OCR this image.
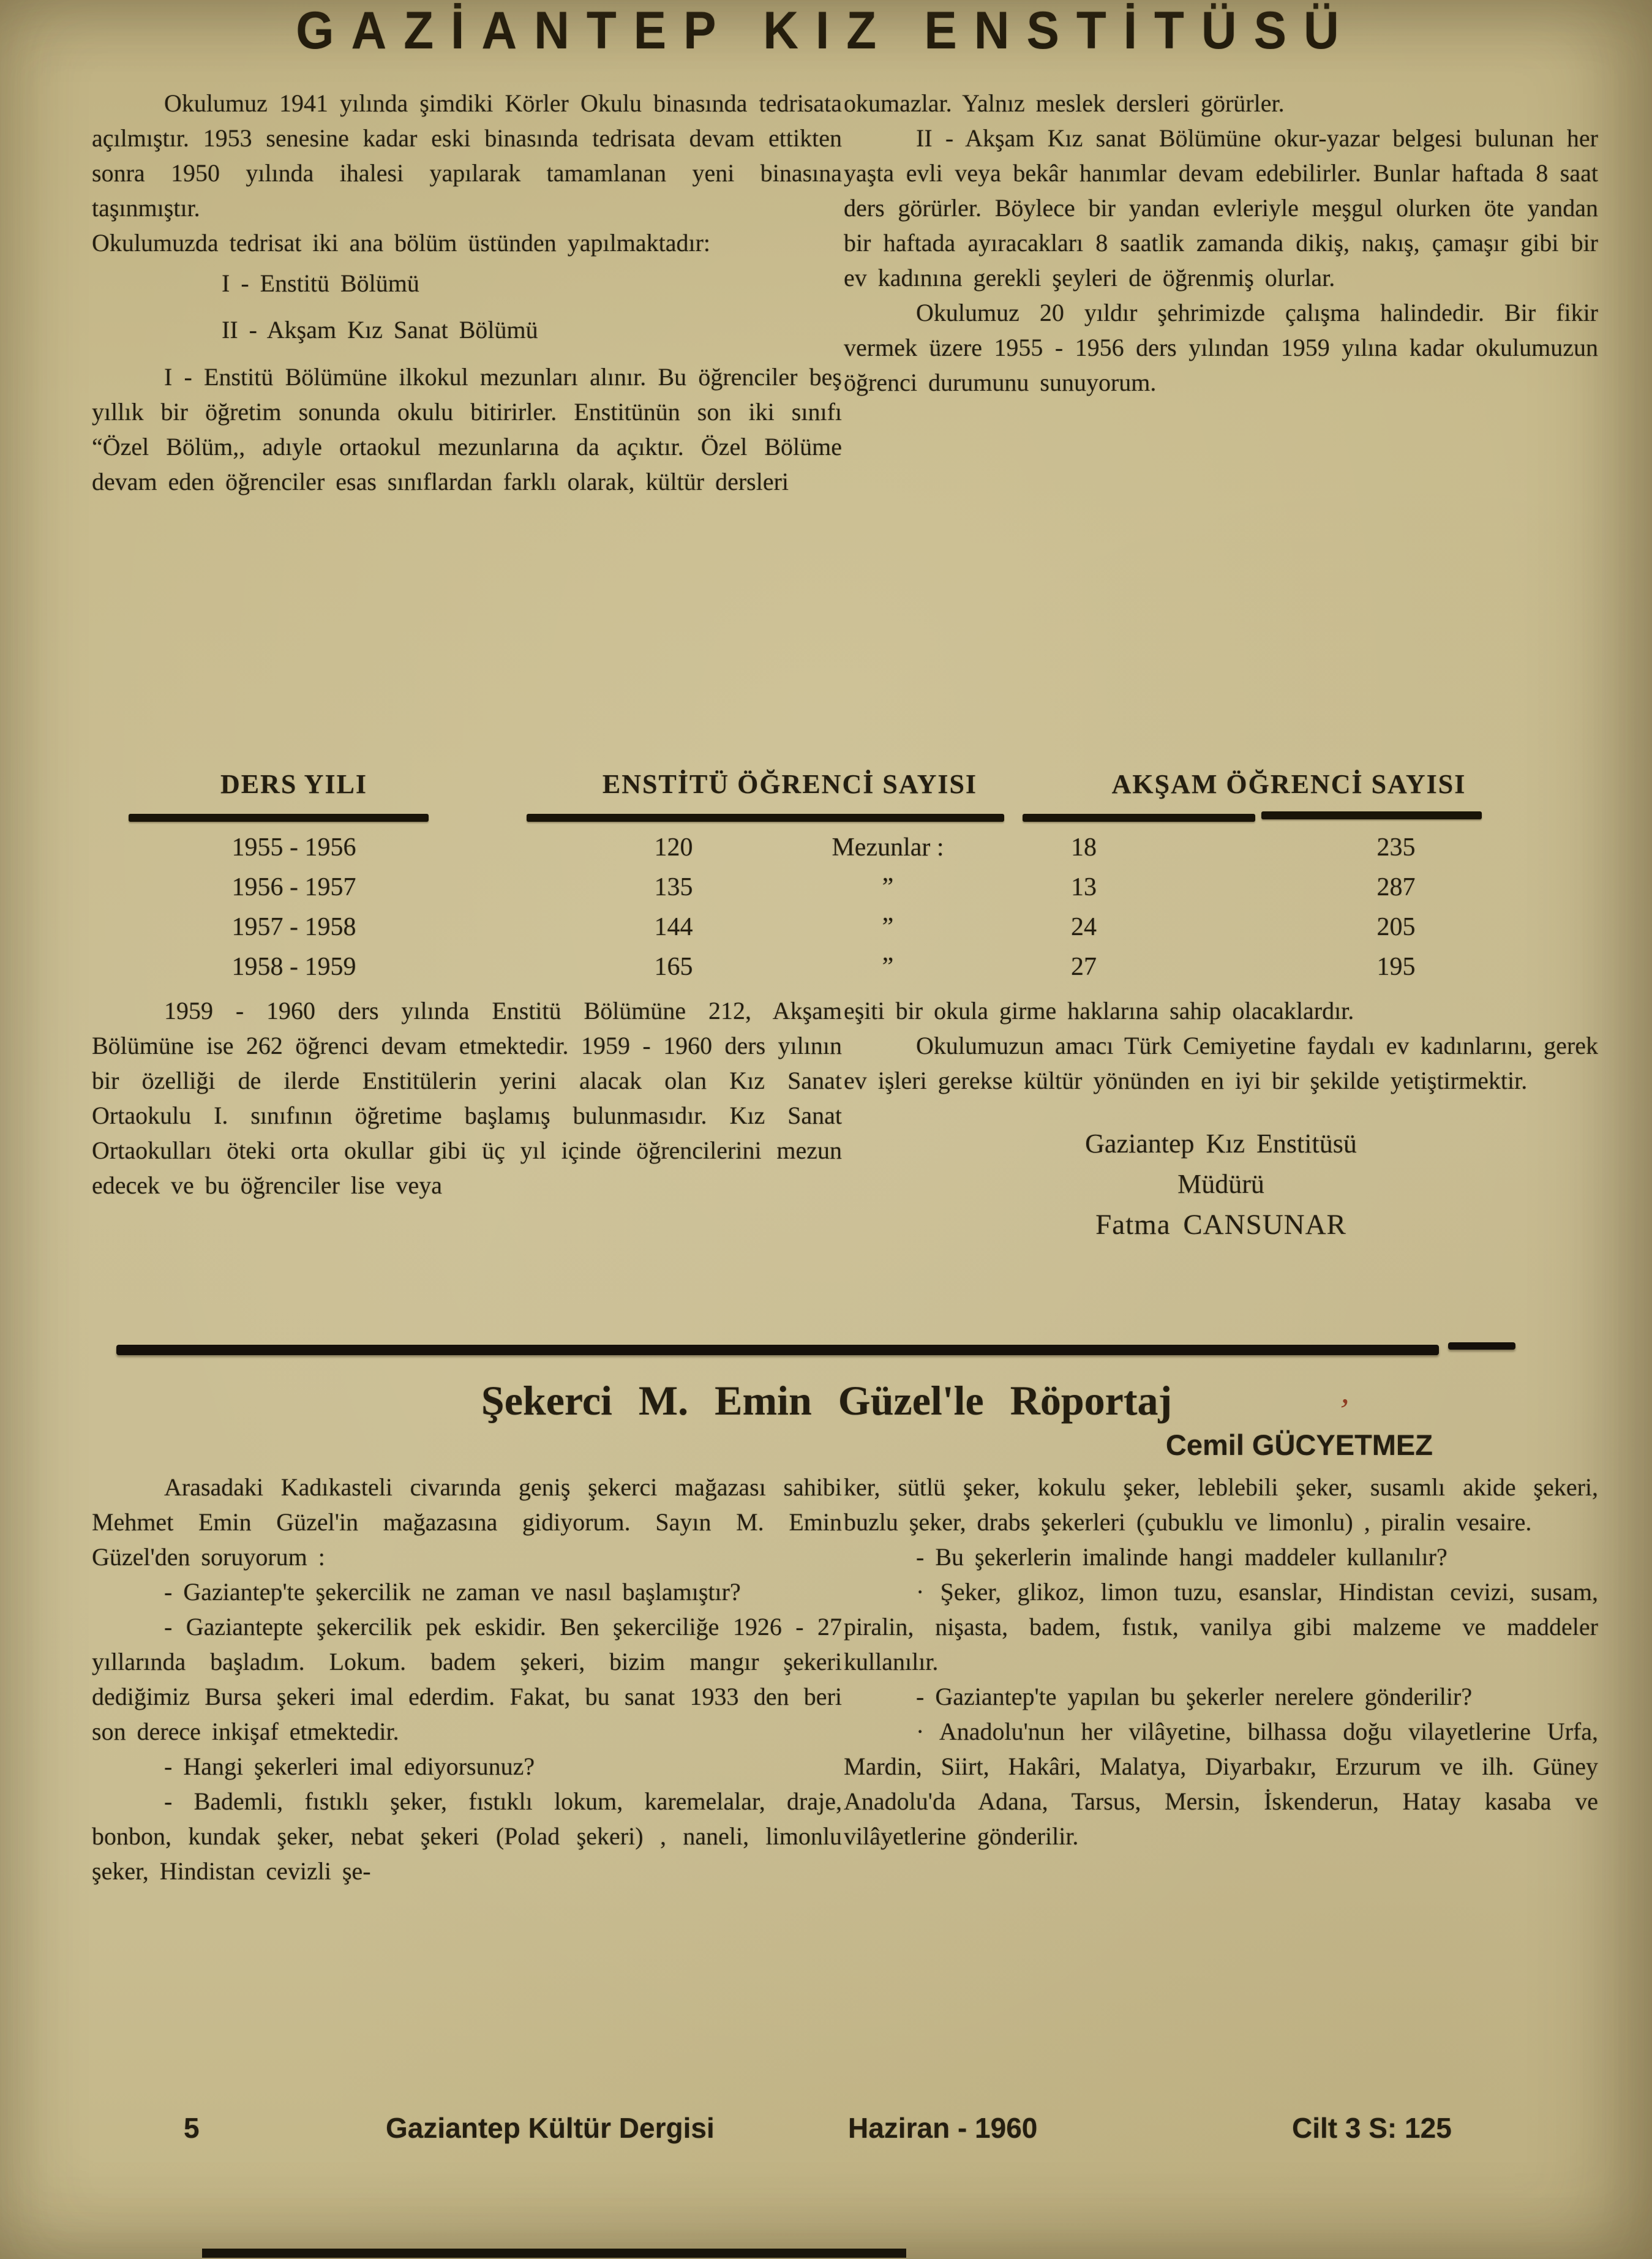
GAZİANTEP KIZ ENSTİTÜSÜ

Okulumuz 1941 yılında şimdiki Körler Okulu binasında tedrisata açılmıştır. 1953 senesine kadar eski binasında tedrisata devam ettikten sonra 1950 yılında ihalesi yapılarak tamamlanan yeni binasına taşınmıştır.

Okulumuzda tedrisat iki ana bölüm üstünden yapılmaktadır:

I - Enstitü Bölümü

II - Akşam Kız Sanat Bölümü

I - Enstitü Bölümüne ilkokul mezunları alınır. Bu öğrenciler beş yıllık bir öğretim sonunda okulu bitirirler. Enstitünün son iki sınıfı “Özel Bölüm,, adıyle ortaokul mezunlarına da açıktır. Özel Bölüme devam eden öğrenciler esas sınıflardan farklı olarak, kültür dersleri

okumazlar. Yalnız meslek dersleri görürler.

II - Akşam Kız sanat Bölümüne okur-yazar belgesi bulunan her yaşta evli veya bekâr hanımlar devam edebilirler. Bunlar haftada 8 saat ders görürler. Böylece bir yandan evleriyle meşgul olurken öte yandan bir haftada ayıracakları 8 saatlik zamanda dikiş, nakış, çamaşır gibi bir ev kadınına gerekli şeyleri de öğrenmiş olurlar.

Okulumuz 20 yıldır şehrimizde çalışma halindedir. Bir fikir vermek üzere 1955 - 1956 ders yılından 1959 yılına kadar okulumuzun öğrenci durumunu sunuyorum.

DERS YILI	ENSTİTÜ ÖĞRENCİ SAYISI	AKŞAM ÖĞRENCİ SAYISI
1955 - 1956	120	Mezunlar :	18	235
1956 - 1957	135	”	13	287
1957 - 1958	144	”	24	205
1958 - 1959	165	”	27	195

1959 - 1960 ders yılında Enstitü Bölümüne 212, Akşam Bölümüne ise 262 öğrenci devam etmektedir. 1959 - 1960 ders yılının bir özelliği de ilerde Enstitülerin yerini alacak olan Kız Sanat Ortaokulu I. sınıfının öğretime başlamış bulunmasıdır. Kız Sanat Ortaokulları öteki orta okullar gibi üç yıl içinde öğrencilerini mezun edecek ve bu öğrenciler lise veya

eşiti bir okula girme haklarına sahip olacaklardır.

Okulumuzun amacı Türk Cemiyetine faydalı ev kadınlarını, gerek ev işleri gerekse kültür yönünden en iyi bir şekilde yetiştirmektir.

Gaziantep Kız Enstitüsü

Müdürü

Fatma CANSUNAR

Şekerci M. Emin Güzel'le Röportaj	’
Cemil GÜCYETMEZ

Arasadaki Kadıkasteli civarında geniş şekerci mağazası sahibi Mehmet Emin Güzel'in mağazasına gidiyorum. Sayın M. Emin Güzel'den soruyorum :

- Gaziantep'te şekercilik ne zaman ve nasıl başlamıştır?

- Gaziantepte şekercilik pek eskidir. Ben şekerciliğe 1926 - 27 yıllarında başladım. Lokum. badem şekeri, bizim mangır şekeri dediğimiz Bursa şekeri imal ederdim. Fakat, bu sanat 1933 den beri son derece inkişaf etmektedir.

- Hangi şekerleri imal ediyorsunuz?

- Bademli, fıstıklı şeker, fıstıklı lokum, karemelalar, draje, bonbon, kundak şeker, nebat şekeri (Polad şekeri) , naneli, limonlu şeker, Hindistan cevizli şe-

ker, sütlü şeker, kokulu şeker, leblebili şeker, susamlı akide şekeri, buzlu şeker, drabs şekerleri (çubuklu ve limonlu) , piralin vesaire.

- Bu şekerlerin imalinde hangi maddeler kullanılır?

· Şeker, glikoz, limon tuzu, esanslar, Hindistan cevizi, susam, piralin, nişasta, badem, fıstık, vanilya gibi malzeme ve maddeler kullanılır.

- Gaziantep'te yapılan bu şekerler nerelere gönderilir?

· Anadolu'nun her vilâyetine, bilhassa doğu vilayetlerine Urfa, Mardin, Siirt, Hakâri, Malatya, Diyarbakır, Erzurum ve ilh. Güney Anadolu'da Adana, Tarsus, Mersin, İskenderun, Hatay kasaba ve vilâyetlerine gönderilir.

5	Gaziantep Kültür Dergisi	Haziran - 1960	Cilt 3 S: 125
